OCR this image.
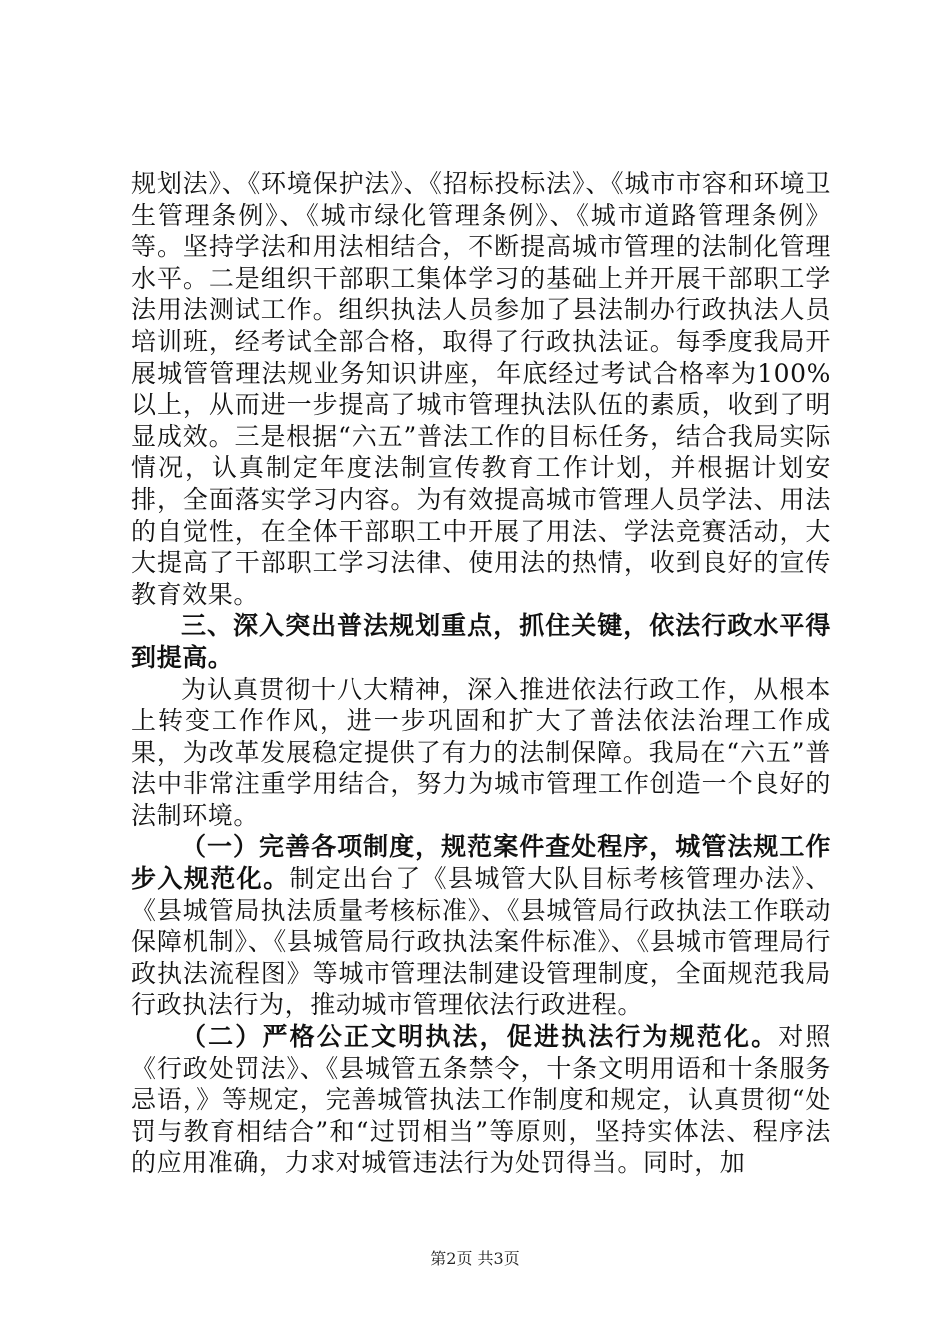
规划法》、《环境保护法》、《招标投标法》、《城市市容和环境卫生管理条例》、《城市绿化管理条例》、《城市道路管理条例》等。坚持学法和用法相结合，不断提高城市管理的法制化管理水平。二是组织干部职工集体学习的基础上并开展干部职工学法用法测试工作。组织执法人员参加了县法制办行政执法人员培训班，经考试全部合格，取得了行政执法证。每季度我局开展城管管理法规业务知识讲座，年底经过考试合格率为100%以上，从而进一步提高了城市管理执法队伍的素质，收到了明显成效。三是根据“六五”普法工作的目标任务，结合我局实际情况，认真制定年度法制宣传教育工作计划，并根据计划安排，全面落实学习内容。为有效提高城市管理人员学法、用法的自觉性，在全体干部职工中开展了用法、学法竞赛活动，大大提高了干部职工学习法律、使用法的热情，收到良好的宣传教育效果。

三、深入突出普法规划重点，抓住关键，依法行政水平得到提高。

为认真贯彻十八大精神，深入推进依法行政工作，从根本上转变工作作风，进一步巩固和扩大了普法依法治理工作成果，为改革发展稳定提供了有力的法制保障。我局在“六五”普法中非常注重学用结合，努力为城市管理工作创造一个良好的法制环境。

（一）完善各项制度，规范案件查处程序，城管法规工作步入规范化。制定出台了《县城管大队目标考核管理办法》、《县城管局执法质量考核标准》、《县城管局行政执法工作联动保障机制》、《县城管局行政执法案件标准》、《县城市管理局行政执法流程图》等城市管理法制建设管理制度，全面规范我局行政执法行为，推动城市管理依法行政进程。

（二）严格公正文明执法，促进执法行为规范化。对照《行政处罚法》、《县城管五条禁令，十条文明用语和十条服务忌语，》等规定，完善城管执法工作制度和规定，认真贯彻“处罚与教育相结合”和“过罚相当”等原则，坚持实体法、程序法的应用准确，力求对城管违法行为处罚得当。同时，加

第2页 共3页
